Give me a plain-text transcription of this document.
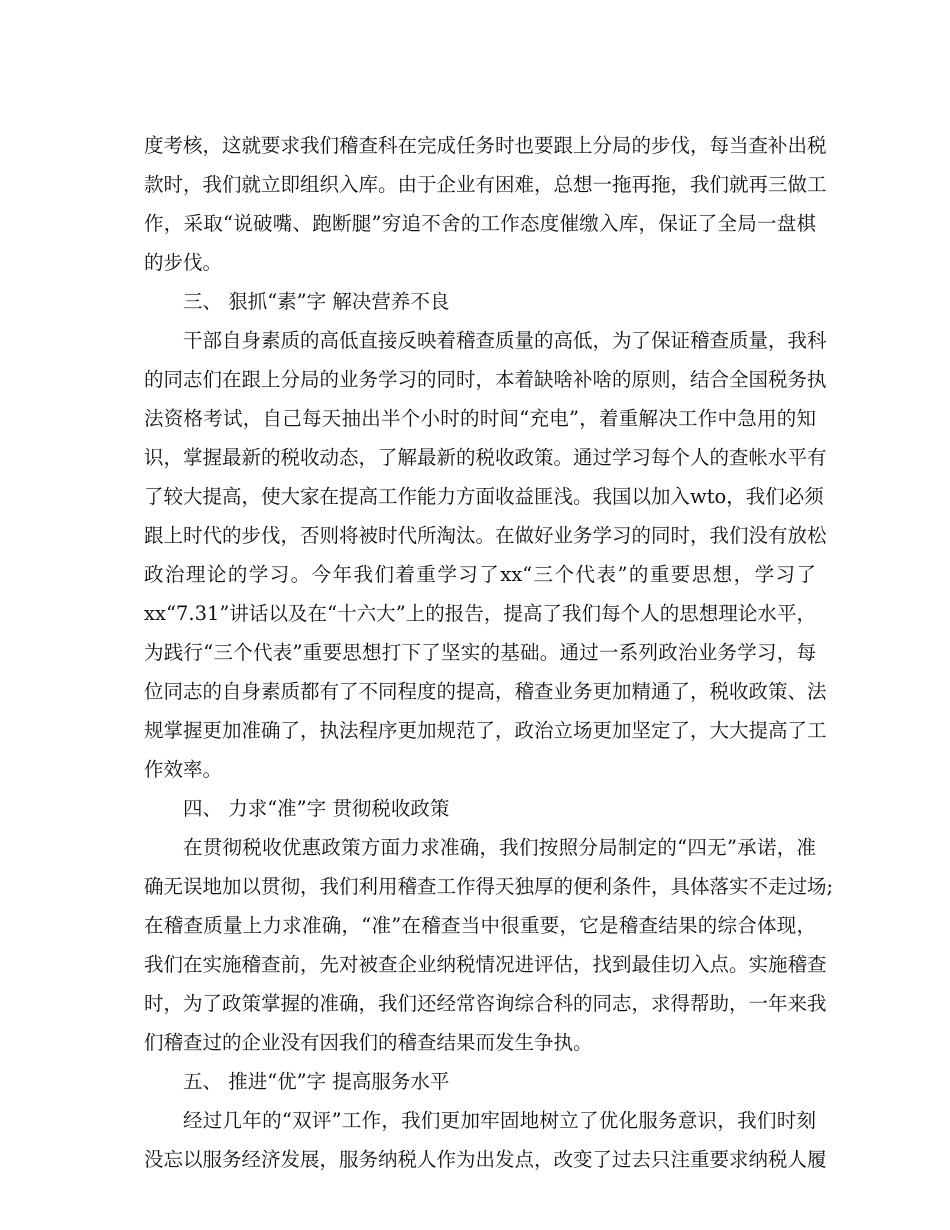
度考核，这就要求我们稽查科在完成任务时也要跟上分局的步伐，每当查补出税
款时，我们就立即组织入库。由于企业有困难，总想一拖再拖，我们就再三做工
作，采取“说破嘴、跑断腿”穷追不舍的工作态度催缴入库，保证了全局一盘棋
的步伐。
三、 狠抓“素”字 解决营养不良
干部自身素质的高低直接反映着稽查质量的高低，为了保证稽查质量，我科
的同志们在跟上分局的业务学习的同时，本着缺啥补啥的原则，结合全国税务执
法资格考试，自己每天抽出半个小时的时间“充电”，着重解决工作中急用的知
识，掌握最新的税收动态，了解最新的税收政策。通过学习每个人的查帐水平有
了较大提高，使大家在提高工作能力方面收益匪浅。我国以加入wto，我们必须
跟上时代的步伐，否则将被时代所淘汰。在做好业务学习的同时，我们没有放松
政治理论的学习。今年我们着重学习了xx“三个代表”的重要思想，学习了
xx“7.31”讲话以及在“十六大”上的报告，提高了我们每个人的思想理论水平，
为践行“三个代表”重要思想打下了坚实的基础。通过一系列政治业务学习，每
位同志的自身素质都有了不同程度的提高，稽查业务更加精通了，税收政策、法
规掌握更加准确了，执法程序更加规范了，政治立场更加坚定了，大大提高了工
作效率。
四、 力求“准”字 贯彻税收政策
在贯彻税收优惠政策方面力求准确，我们按照分局制定的“四无”承诺，准
确无误地加以贯彻，我们利用稽查工作得天独厚的便利条件，具体落实不走过场;
在稽查质量上力求准确，“准”在稽查当中很重要，它是稽查结果的综合体现，
我们在实施稽查前，先对被查企业纳税情况进评估，找到最佳切入点。实施稽查
时，为了政策掌握的准确，我们还经常咨询综合科的同志，求得帮助，一年来我
们稽查过的企业没有因我们的稽查结果而发生争执。
五、 推进“优”字 提高服务水平
经过几年的“双评”工作，我们更加牢固地树立了优化服务意识，我们时刻
没忘以服务经济发展，服务纳税人作为出发点，改变了过去只注重要求纳税人履
